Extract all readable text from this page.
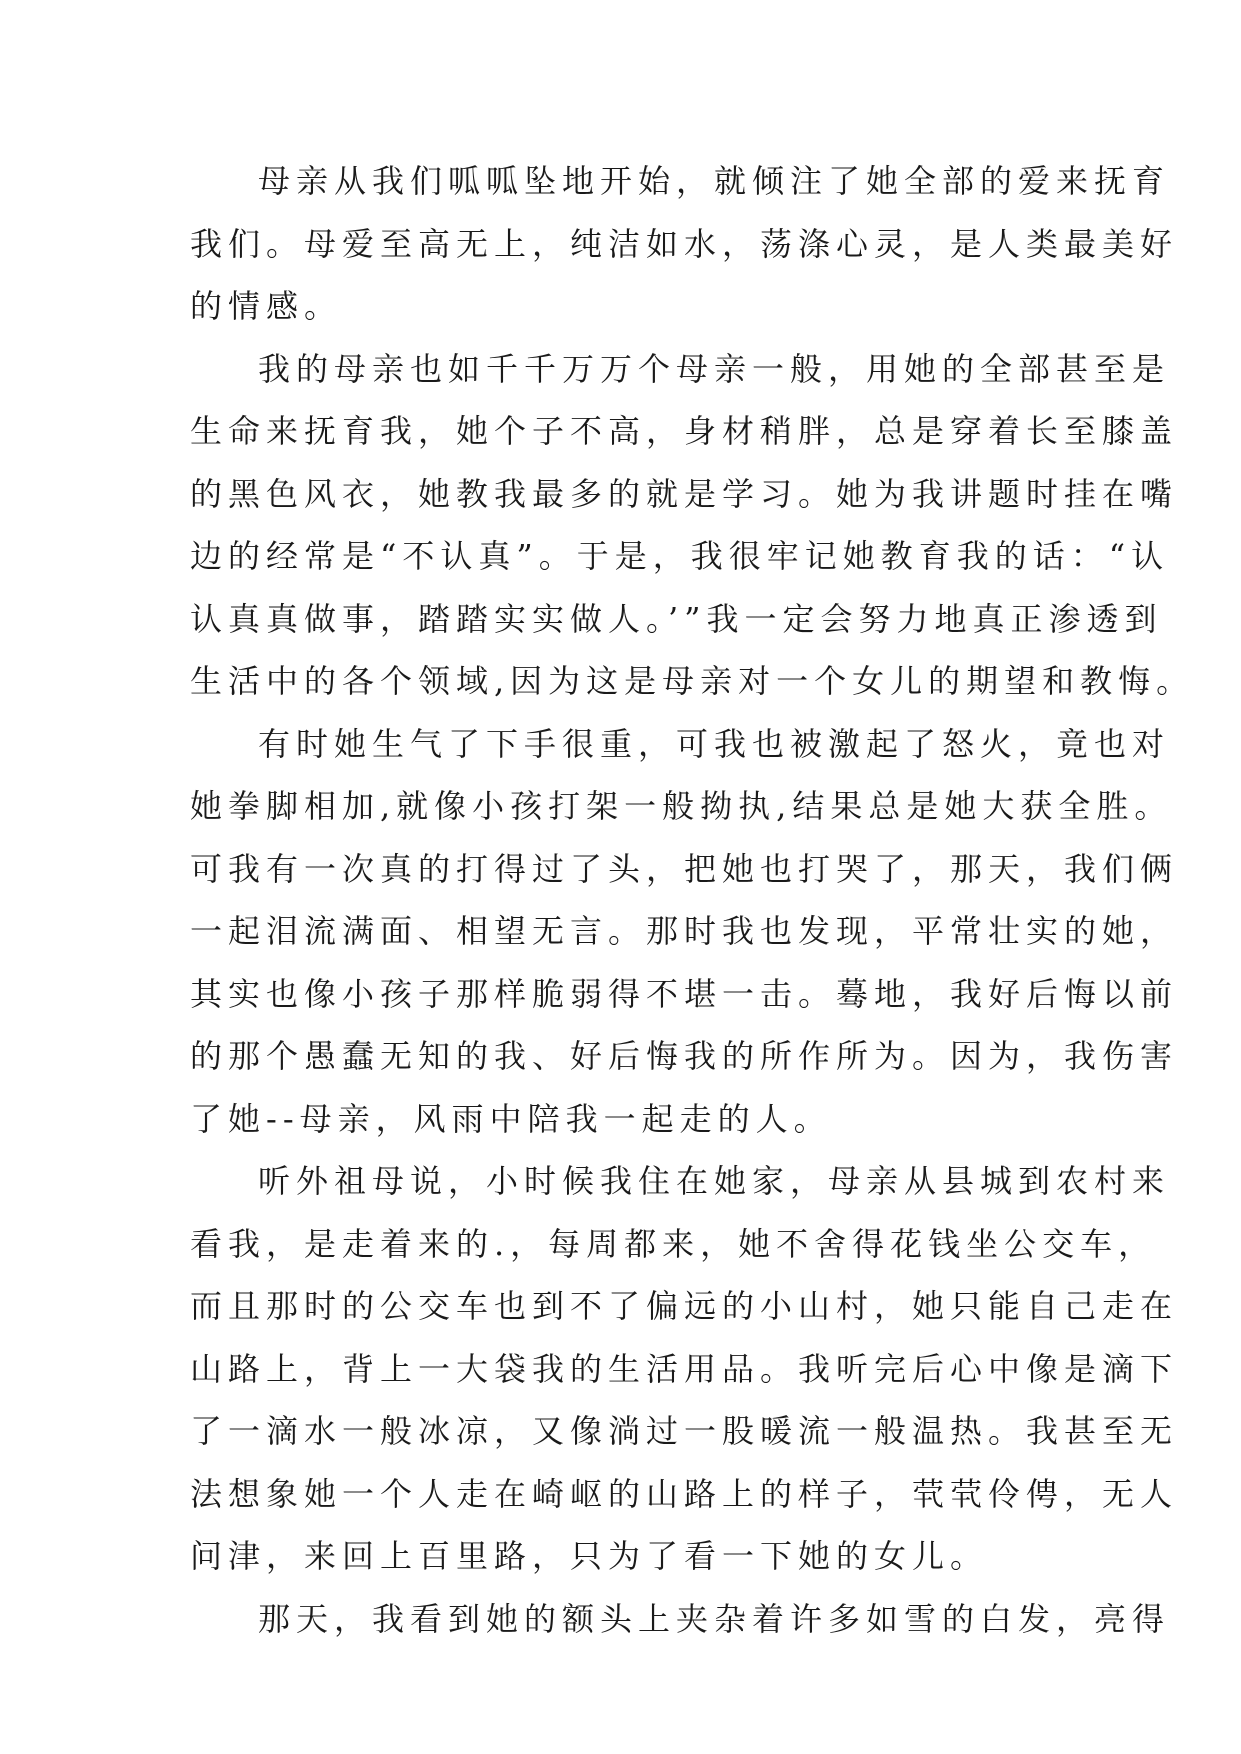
母亲从我们呱呱坠地开始，就倾注了她全部的爱来抚育
我们。母爱至高无上，纯洁如水，荡涤心灵，是人类最美好
的情感。
我的母亲也如千千万万个母亲一般，用她的全部甚至是
生命来抚育我，她个子不高，身材稍胖，总是穿着长至膝盖
的黑色风衣，她教我最多的就是学习。她为我讲题时挂在嘴
边的经常是“不认真”。于是，我很牢记她教育我的话：“认
认真真做事，踏踏实实做人。’”我一定会努力地真正渗透到
生活中的各个领域,因为这是母亲对一个女儿的期望和教悔。
有时她生气了下手很重，可我也被激起了怒火，竟也对
她拳脚相加,就像小孩打架一般拗执,结果总是她大获全胜。
可我有一次真的打得过了头，把她也打哭了，那天，我们俩
一起泪流满面、相望无言。那时我也发现，平常壮实的她，
其实也像小孩子那样脆弱得不堪一击。蓦地，我好后悔以前
的那个愚蠢无知的我、好后悔我的所作所为。因为，我伤害
了她--母亲，风雨中陪我一起走的人。
听外祖母说，小时候我住在她家，母亲从县城到农村来
看我，是走着来的.，每周都来，她不舍得花钱坐公交车，
而且那时的公交车也到不了偏远的小山村，她只能自己走在
山路上，背上一大袋我的生活用品。我听完后心中像是滴下
了一滴水一般冰凉，又像淌过一股暖流一般温热。我甚至无
法想象她一个人走在崎岖的山路上的样子，茕茕伶俜，无人
问津，来回上百里路，只为了看一下她的女儿。
那天，我看到她的额头上夹杂着许多如雪的白发，亮得
